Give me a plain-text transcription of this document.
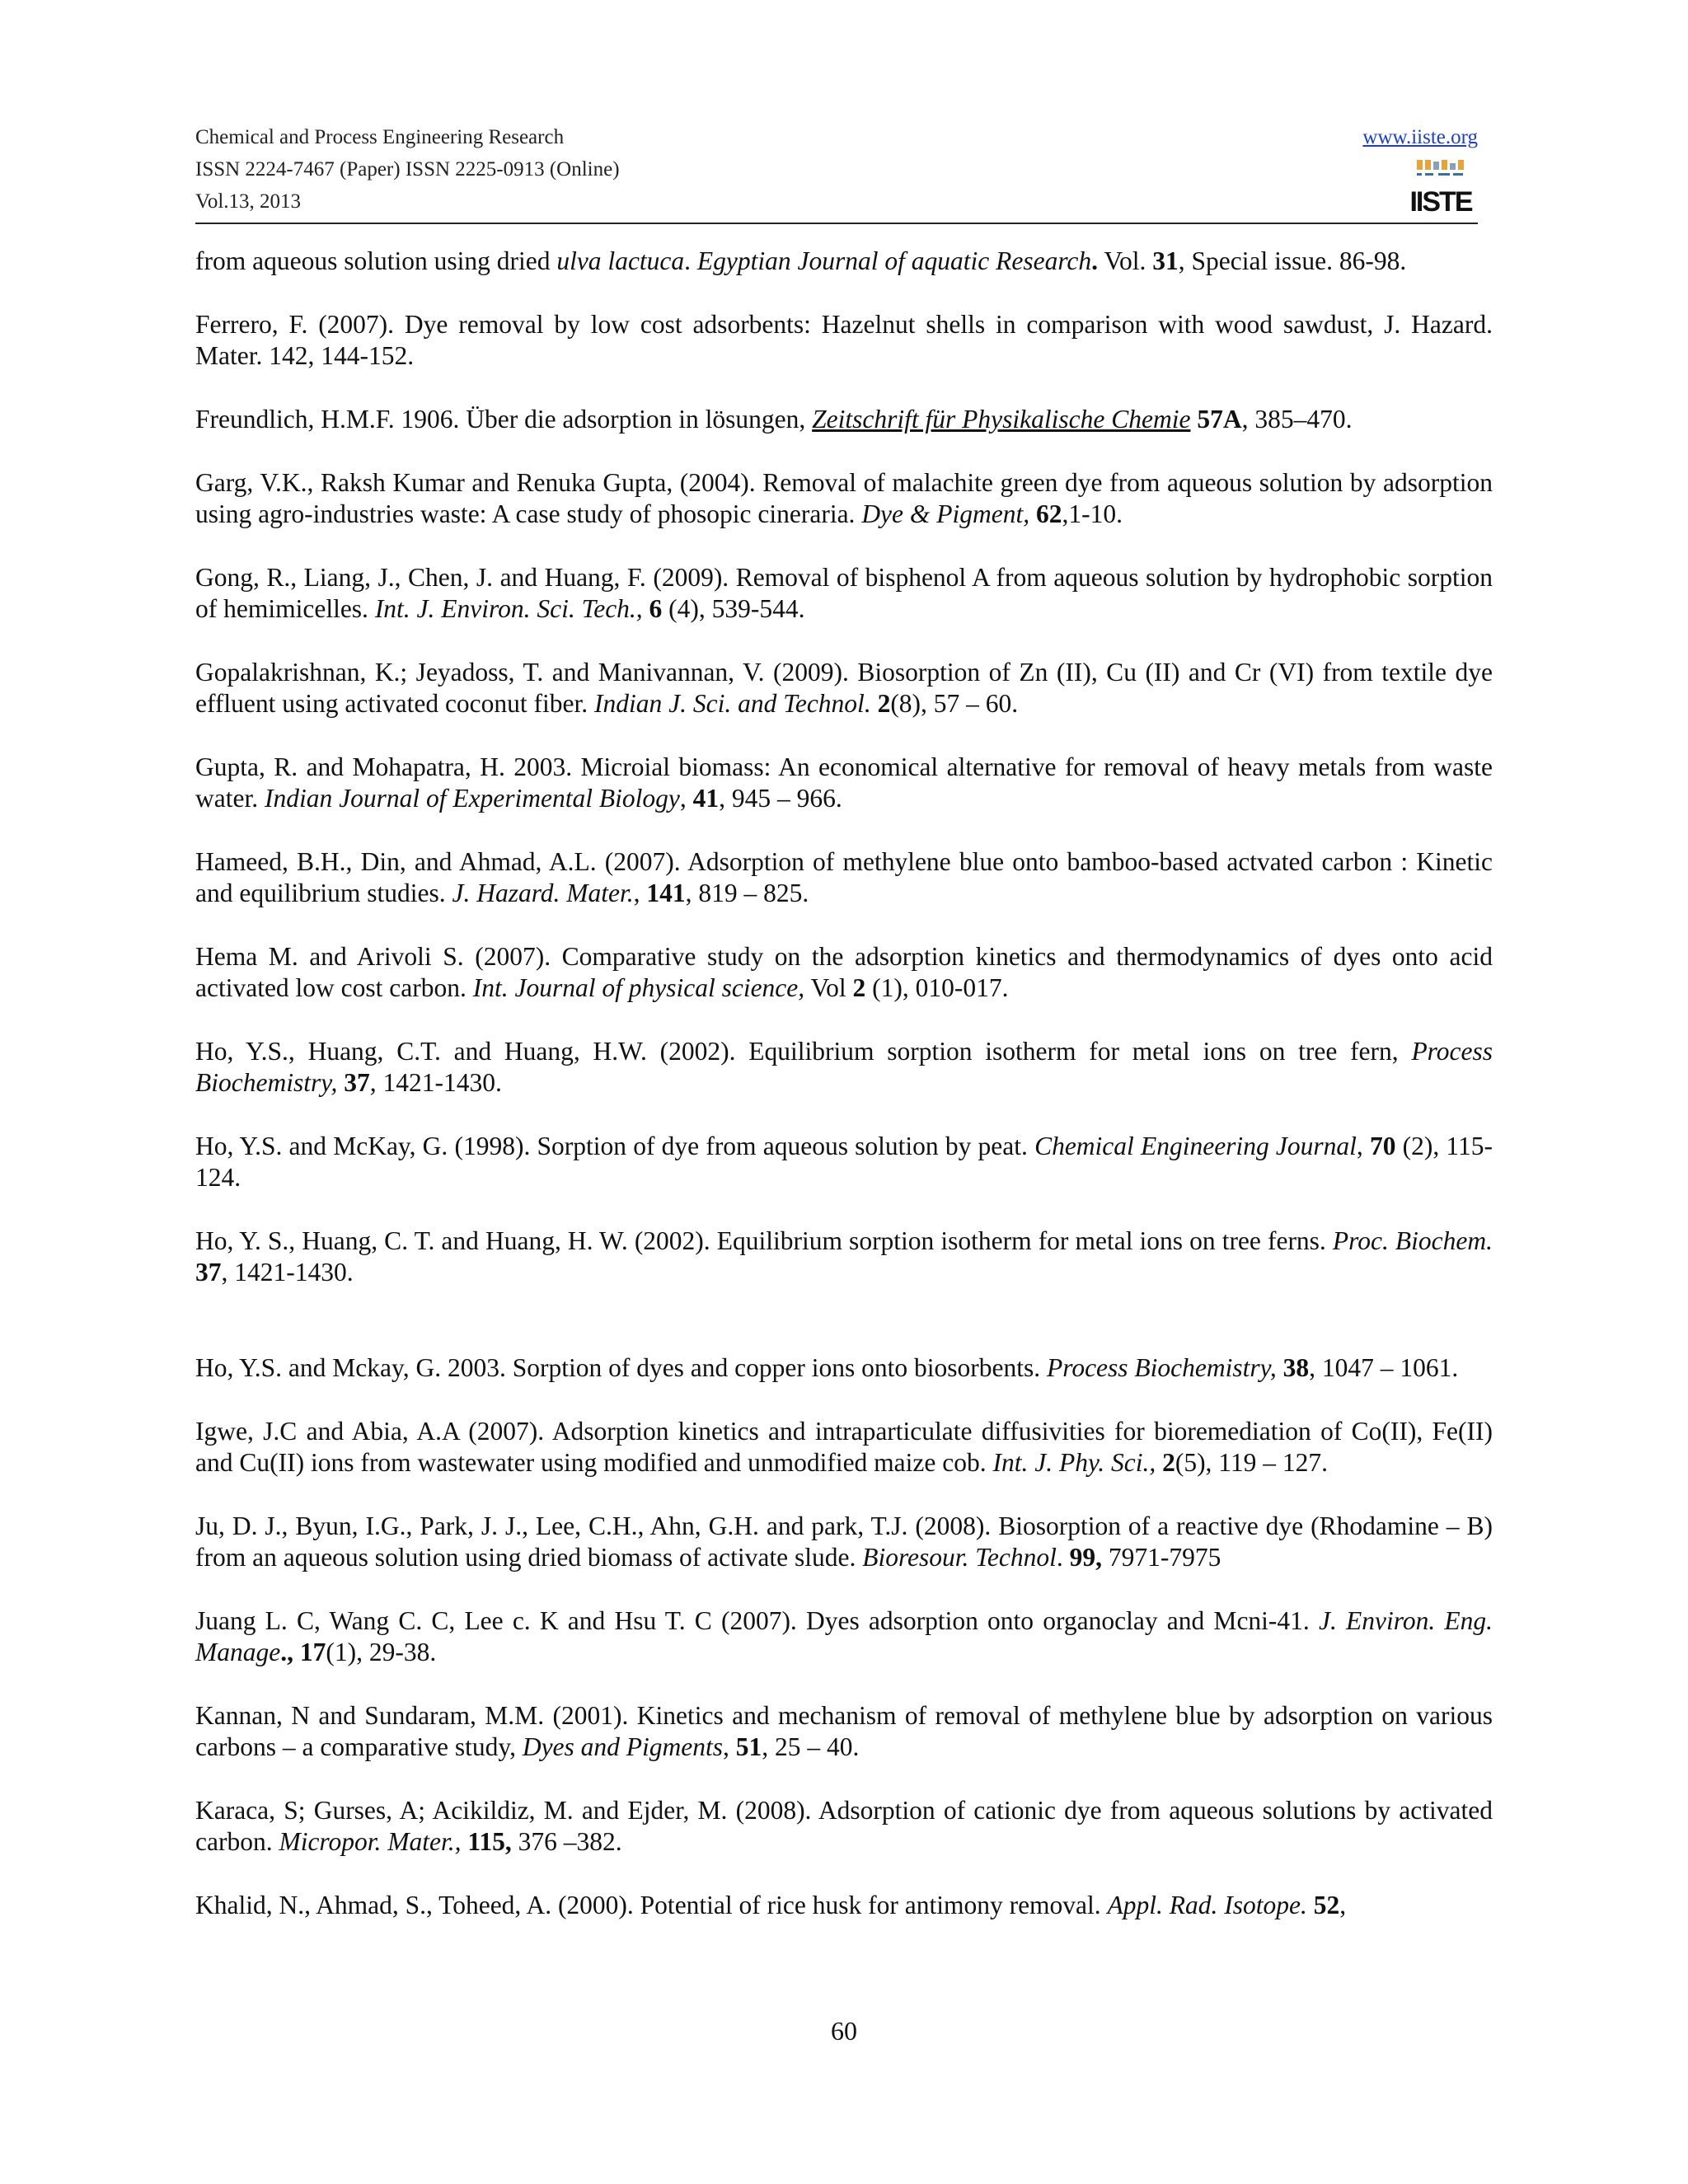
Chemical and Process Engineering Research
ISSN 2224-7467 (Paper) ISSN 2225-0913 (Online)
Vol.13, 2013
www.iiste.org
IISTE

from aqueous solution using dried ulva lactuca. Egyptian Journal of aquatic Research. Vol. 31, Special issue. 86-98.

Ferrero, F. (2007). Dye removal by low cost adsorbents: Hazelnut shells in comparison with wood sawdust, J. Hazard. Mater. 142, 144-152.

Freundlich, H.M.F. 1906. Über die adsorption in lösungen, Zeitschrift für Physikalische Chemie 57A, 385–470.

Garg, V.K., Raksh Kumar and Renuka Gupta, (2004). Removal of malachite green dye from aqueous solution by adsorption using agro-industries waste: A case study of phosopic cineraria. Dye & Pigment, 62,1-10.

Gong, R., Liang, J., Chen, J. and Huang, F. (2009). Removal of bisphenol A from aqueous solution by hydrophobic sorption of hemimicelles. Int. J. Environ. Sci. Tech., 6 (4), 539-544.

Gopalakrishnan, K.; Jeyadoss, T. and Manivannan, V. (2009). Biosorption of Zn (II), Cu (II) and Cr (VI) from textile dye effluent using activated coconut fiber. Indian J. Sci. and Technol. 2(8), 57 – 60.

Gupta, R. and Mohapatra, H. 2003. Microial biomass: An economical alternative for removal of heavy metals from waste water. Indian Journal of Experimental Biology, 41, 945 – 966.

Hameed, B.H., Din, and Ahmad, A.L. (2007). Adsorption of methylene blue onto bamboo-based actvated carbon : Kinetic and equilibrium studies. J. Hazard. Mater., 141, 819 – 825.

Hema M. and Arivoli S. (2007). Comparative study on the adsorption kinetics and thermodynamics of dyes onto acid activated low cost carbon. Int. Journal of physical science, Vol 2 (1), 010-017.

Ho, Y.S., Huang, C.T. and Huang, H.W. (2002). Equilibrium sorption isotherm for metal ions on tree fern, Process Biochemistry, 37, 1421-1430.

Ho, Y.S. and McKay, G. (1998). Sorption of dye from aqueous solution by peat. Chemical Engineering Journal, 70 (2), 115-124.

Ho, Y. S., Huang, C. T. and Huang, H. W. (2002). Equilibrium sorption isotherm for metal ions on tree ferns. Proc. Biochem. 37, 1421-1430.

Ho, Y.S. and Mckay, G. 2003. Sorption of dyes and copper ions onto biosorbents. Process Biochemistry, 38, 1047 – 1061.

Igwe, J.C and Abia, A.A (2007). Adsorption kinetics and intraparticulate diffusivities for bioremediation of Co(II), Fe(II) and Cu(II) ions from wastewater using modified and unmodified maize cob. Int. J. Phy. Sci., 2(5), 119 – 127.

Ju, D. J., Byun, I.G., Park, J. J., Lee, C.H., Ahn, G.H. and park, T.J. (2008). Biosorption of a reactive dye (Rhodamine – B) from an aqueous solution using dried biomass of activate slude. Bioresour. Technol. 99, 7971-7975

Juang L. C, Wang C. C, Lee c. K and Hsu T. C (2007). Dyes adsorption onto organoclay and Mcni-41. J. Environ. Eng. Manage., 17(1), 29-38.

Kannan, N and Sundaram, M.M. (2001). Kinetics and mechanism of removal of methylene blue by adsorption on various carbons – a comparative study, Dyes and Pigments, 51, 25 – 40.

Karaca, S; Gurses, A; Acikildiz, M. and Ejder, M. (2008). Adsorption of cationic dye from aqueous solutions by activated carbon. Micropor. Mater., 115, 376 –382.

Khalid, N., Ahmad, S., Toheed, A. (2000). Potential of rice husk for antimony removal. Appl. Rad. Isotope. 52,

60
